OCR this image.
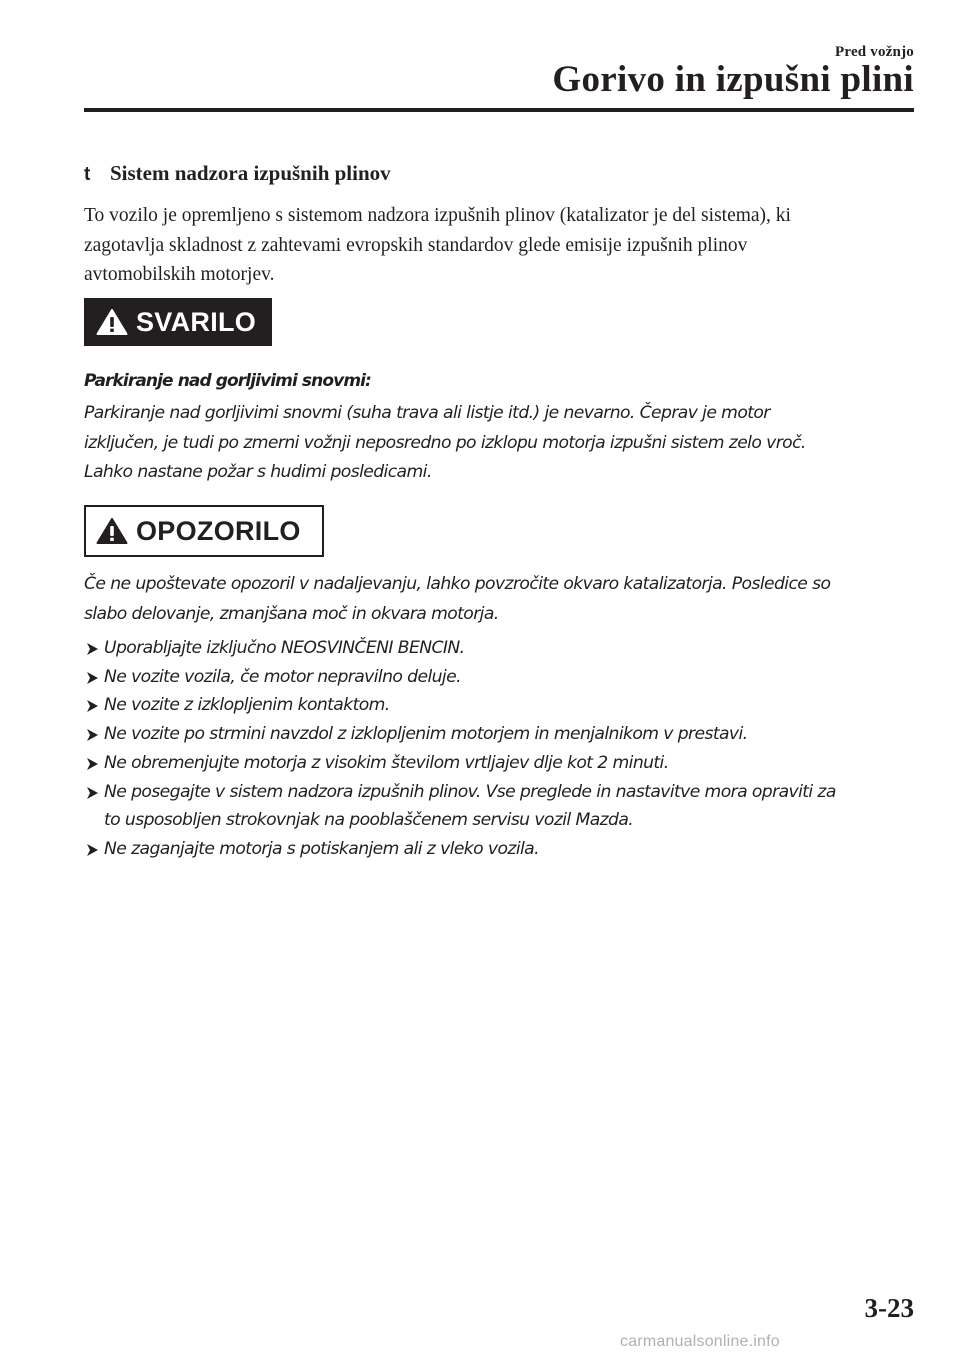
Pred vožnjo
Gorivo in izpušni plini
t Sistem nadzora izpušnih plinov
To vozilo je opremljeno s sistemom nadzora izpušnih plinov (katalizator je del sistema), ki
zagotavlja skladnost z zahtevami evropskih standardov glede emisije izpušnih plinov
avtomobilskih motorjev.
SVARILO
Parkiranje nad gorljivimi snovmi:
Parkiranje nad gorljivimi snovmi (suha trava ali listje itd.) je nevarno. Čeprav je motor
izključen, je tudi po zmerni vožnji neposredno po izklopu motorja izpušni sistem zelo vroč.
Lahko nastane požar s hudimi posledicami.
OPOZORILO
Če ne upoštevate opozoril v nadaljevanju, lahko povzročite okvaro katalizatorja. Posledice so
slabo delovanje, zmanjšana moč in okvara motorja.
Uporabljajte izključno NEOSVINČENI BENCIN.
Ne vozite vozila, če motor nepravilno deluje.
Ne vozite z izklopljenim kontaktom.
Ne vozite po strmini navzdol z izklopljenim motorjem in menjalnikom v prestavi.
Ne obremenjujte motorja z visokim številom vrtljajev dlje kot 2 minuti.
Ne posegajte v sistem nadzora izpušnih plinov. Vse preglede in nastavitve mora opraviti za
to usposobljen strokovnjak na pooblaščenem servisu vozil Mazda.
Ne zaganjajte motorja s potiskanjem ali z vleko vozila.
3-23
carmanualsonline.info
